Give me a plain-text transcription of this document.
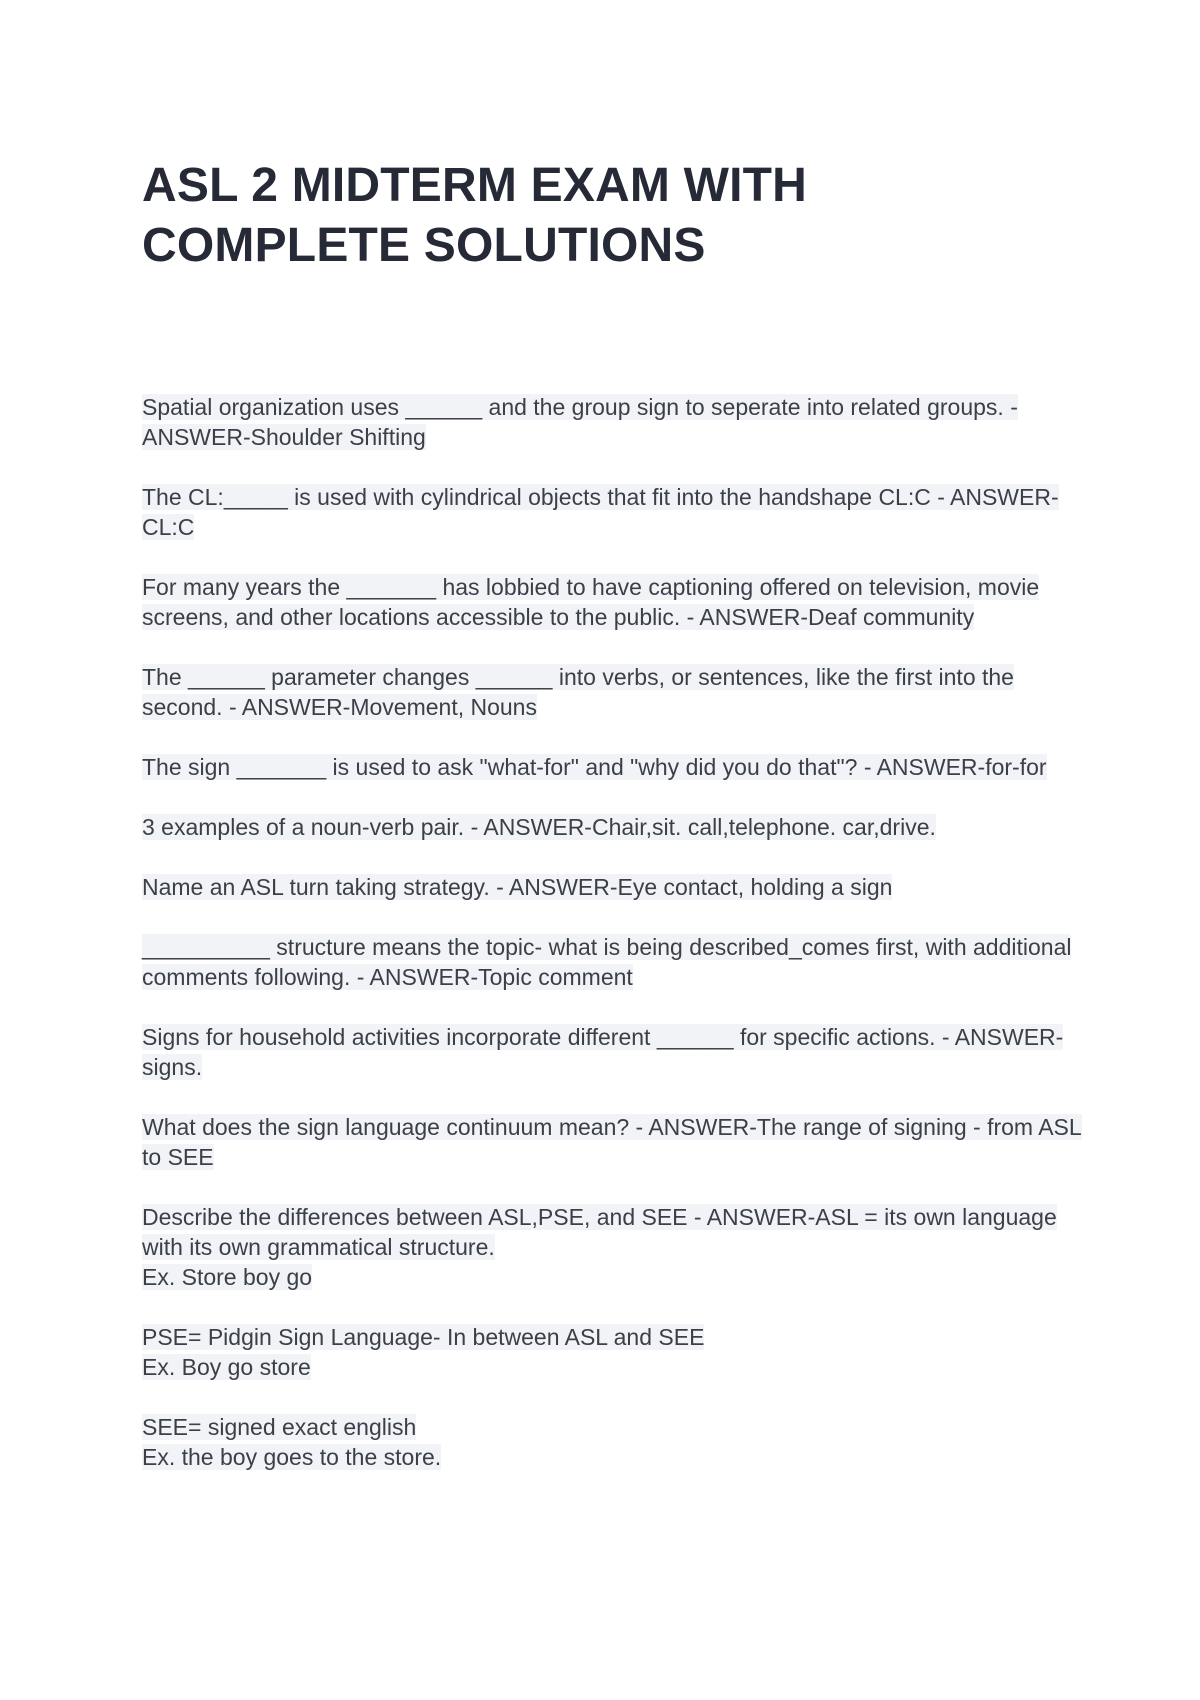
ASL 2 MIDTERM EXAM WITH
COMPLETE SOLUTIONS
Spatial organization uses ______ and the group sign to seperate into related groups. - ANSWER-Shoulder Shifting
The CL:_____ is used with cylindrical objects that fit into the handshape CL:C - ANSWER-CL:C
For many years the _______ has lobbied to have captioning offered on television, movie screens, and other locations accessible to the public. - ANSWER-Deaf community
The ______ parameter changes ______ into verbs, or sentences, like the first into the second. - ANSWER-Movement, Nouns
The sign _______ is used to ask "what-for" and "why did you do that"? - ANSWER-for-for
3 examples of a noun-verb pair. - ANSWER-Chair,sit. call,telephone. car,drive.
Name an ASL turn taking strategy. - ANSWER-Eye contact, holding a sign
__________ structure means the topic- what is being described_comes first, with additional comments following. - ANSWER-Topic comment
Signs for household activities incorporate different ______ for specific actions. - ANSWER-signs.
What does the sign language continuum mean? - ANSWER-The range of signing - from ASL to SEE
Describe the differences between ASL,PSE, and SEE - ANSWER-ASL = its own language with its own grammatical structure.
Ex. Store boy go
PSE= Pidgin Sign Language- In between ASL and SEE
Ex. Boy go store
SEE= signed exact english
Ex. the boy goes to the store.
